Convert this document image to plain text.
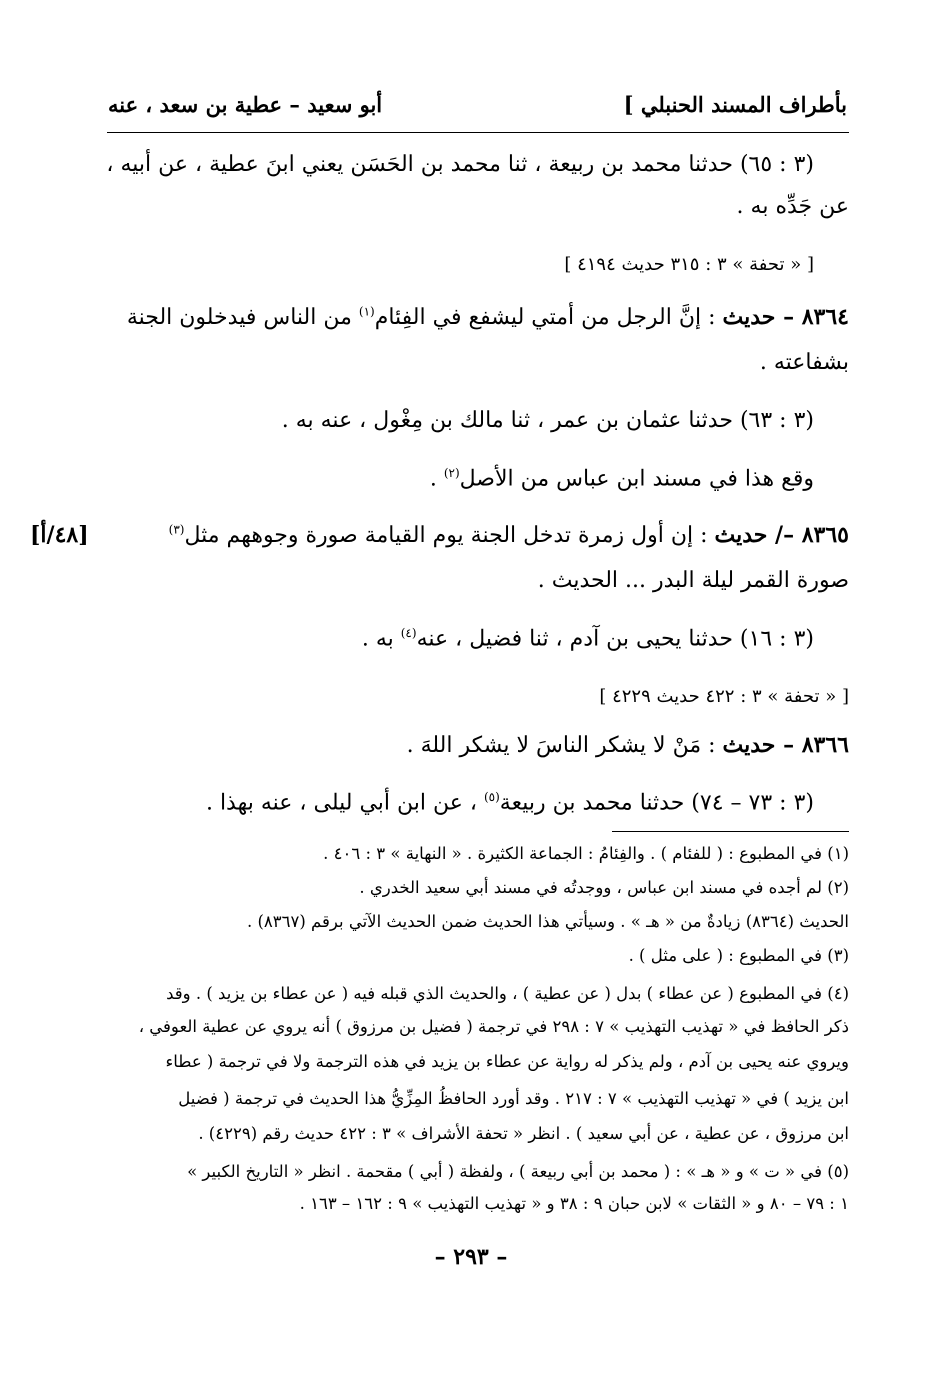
بأطراف المسند الحنبلي ]
أبو سعيد – عطية بن سعد ، عنه
(٣ : ٦٥) حدثنا محمد بن ربيعة ، ثنا محمد بن الحَسَن يعني ابنَ عطية ، عن أبيه ،
عن جَدِّه به .
[ « تحفة » ٣ : ٣١٥ حديث ٤١٩٤ ]
٨٣٦٤ – حديث : إنَّ الرجل من أمتي ليشفع في الفِئام$^{(١)}$ من الناس فيدخلون الجنة
بشفاعته .
(٣ : ٦٣) حدثنا عثمان بن عمر ، ثنا مالك بن مِغْول ، عنه به .
وقع هذا في مسند ابن عباس من الأصل$^{(٢)}$ .
٨٣٦٥ –/ حديث : إن أول زمرة تدخل الجنة يوم القيامة صورة وجوههم مثل$^{(٣)}$
[٤٨/أ]
صورة القمر ليلة البدر ... الحديث .
(٣ : ١٦) حدثنا يحيى بن آدم ، ثنا فضيل ، عنه$^{(٤)}$ به .
[ « تحفة » ٣ : ٤٢٢ حديث ٤٢٢٩ ]
٨٣٦٦ – حديث : مَنْ لا يشكر الناسَ لا يشكر اللهَ .
(٣ : ٧٣ – ٧٤) حدثنا محمد بن ربيعة$^{(٥)}$ ، عن ابن أبي ليلى ، عنه بهذا .
(١) في المطبوع : ( للفئام ) . والفِئامُ : الجماعة الكثيرة . « النهاية » ٣ : ٤٠٦ .
(٢) لم أجده في مسند ابن عباس ، ووجدتُه في مسند أبي سعيد الخدري .
الحديث (٨٣٦٤) زيادةٌ من « هـ » . وسيأتي هذا الحديث ضمن الحديث الآتي برقم (٨٣٦٧) .
(٣) في المطبوع : ( على مثل ) .
(٤) في المطبوع ( عن عطاء ) بدل ( عن عطية ) ، والحديث الذي قبله فيه ( عن عطاء بن يزيد ) . وقد
ذكر الحافظ في « تهذيب التهذيب » ٧ : ٢٩٨ في ترجمة ( فضيل بن مرزوق ) أنه يروي عن عطية العوفي ،
ويروي عنه يحيى بن آدم ، ولم يذكر له رواية عن عطاء بن يزيد في هذه الترجمة ولا في ترجمة ( عطاء
ابن يزيد ) في « تهذيب التهذيب » ٧ : ٢١٧ . وقد أورد الحافظُ المِزِّيُّ هذا الحديث في ترجمة ( فضيل
ابن مرزوق ، عن عطية ، عن أبي سعيد ) . انظر « تحفة الأشراف » ٣ : ٤٢٢ حديث رقم (٤٢٢٩) .
(٥) في « ت » و « هـ » : ( محمد بن أبي ربيعة ) ، ولفظة ( أبي ) مقحمة . انظر « التاريخ الكبير »
١ : ٧٩ – ٨٠ و « الثقات » لابن حبان ٩ : ٣٨ و « تهذيب التهذيب » ٩ : ١٦٢ – ١٦٣ .
– ٢٩٣ –
